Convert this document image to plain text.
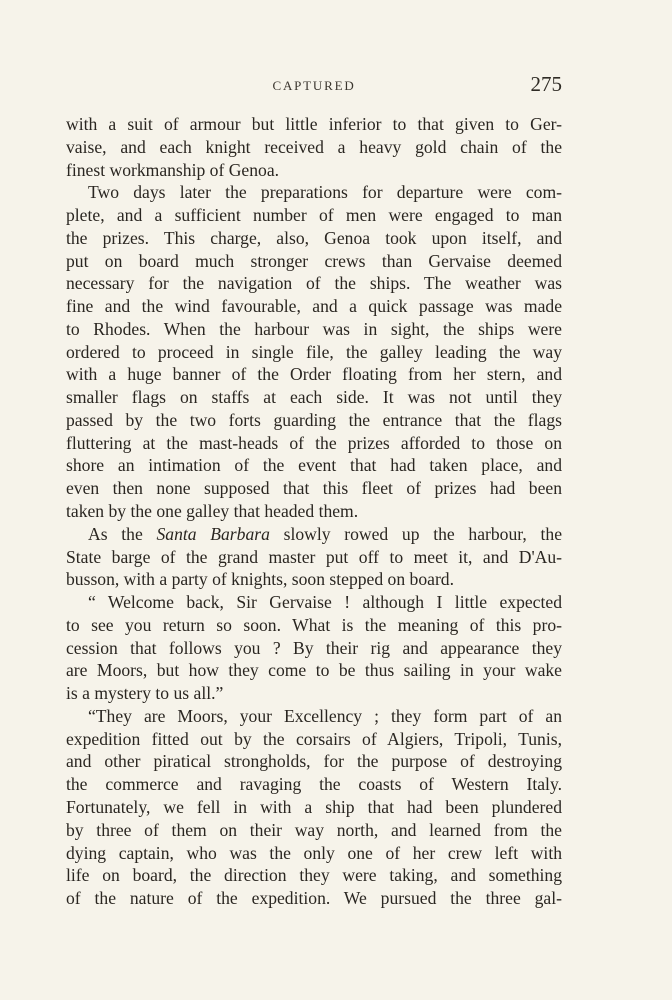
CAPTURED	275
with a suit of armour but little inferior to that given to Ger-
vaise, and each knight received a heavy gold chain of the
finest workmanship of Genoa.
Two days later the preparations for departure were com-
plete, and a sufficient number of men were engaged to man
the prizes. This charge, also, Genoa took upon itself, and
put on board much stronger crews than Gervaise deemed
necessary for the navigation of the ships. The weather was
fine and the wind favourable, and a quick passage was made
to Rhodes. When the harbour was in sight, the ships were
ordered to proceed in single file, the galley leading the way
with a huge banner of the Order floating from her stern, and
smaller flags on staffs at each side. It was not until they
passed by the two forts guarding the entrance that the flags
fluttering at the mast-heads of the prizes afforded to those on
shore an intimation of the event that had taken place, and
even then none supposed that this fleet of prizes had been
taken by the one galley that headed them.
As the Santa Barbara slowly rowed up the harbour, the
State barge of the grand master put off to meet it, and D'Au-
busson, with a party of knights, soon stepped on board.
“ Welcome back, Sir Gervaise ! although I little expected
to see you return so soon. What is the meaning of this pro-
cession that follows you ? By their rig and appearance they
are Moors, but how they come to be thus sailing in your wake
is a mystery to us all.”
“They are Moors, your Excellency ; they form part of an
expedition fitted out by the corsairs of Algiers, Tripoli, Tunis,
and other piratical strongholds, for the purpose of destroying
the commerce and ravaging the coasts of Western Italy.
Fortunately, we fell in with a ship that had been plundered
by three of them on their way north, and learned from the
dying captain, who was the only one of her crew left with
life on board, the direction they were taking, and something
of the nature of the expedition. We pursued the three gal-
